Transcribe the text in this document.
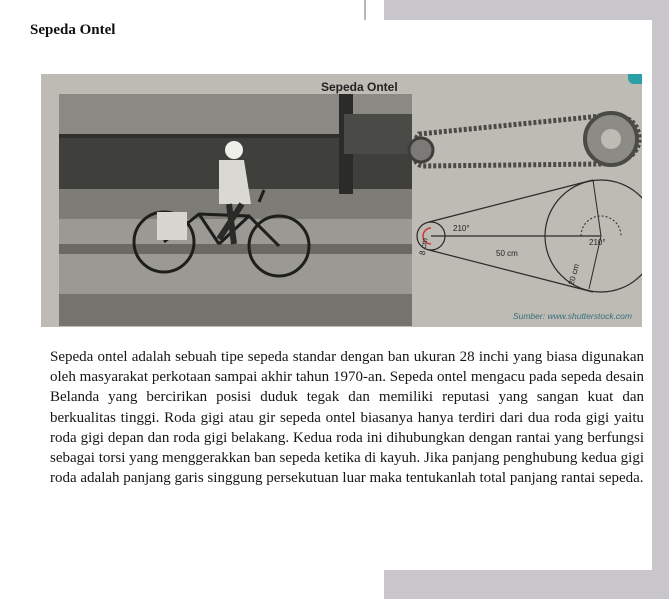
Sepeda Ontel
Sepeda Ontel
210°
210°
50 cm
8 cm
20 cm
Sumber: www.shutterstock.com

Sepeda ontel adalah sebuah tipe sepeda standar dengan ban ukuran 28 inchi yang biasa digunakan oleh masyarakat perkotaan sampai akhir tahun 1970-an. Sepeda ontel mengacu pada sepeda desain Belanda yang bercirikan posisi duduk tegak dan memiliki reputasi yang sangan kuat dan berkualitas tinggi. Roda gigi atau gir sepeda ontel biasanya hanya terdiri dari dua roda gigi yaitu roda gigi depan dan roda gigi belakang. Kedua roda ini dihubungkan dengan rantai yang berfungsi sebagai torsi yang menggerakkan ban sepeda ketika di kayuh. Jika panjang penghubung kedua gigi roda adalah panjang garis singgung persekutuan luar maka tentukanlah total panjang rantai sepeda.
